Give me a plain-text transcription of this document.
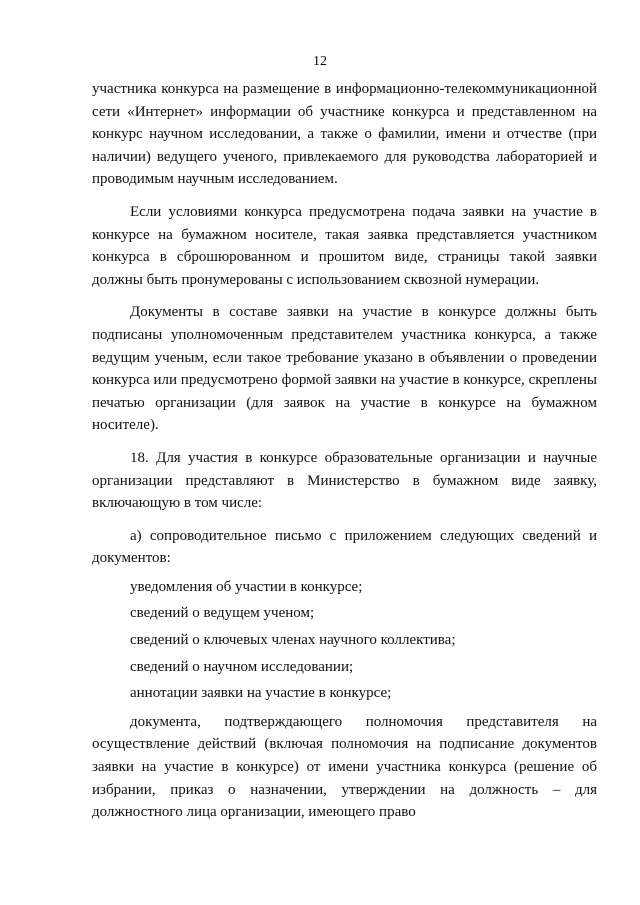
12

участника конкурса на размещение в информационно-телекоммуникационной сети «Интернет» информации об участнике конкурса и представленном на конкурс научном исследовании, а также о фамилии, имени и отчестве (при наличии) ведущего ученого, привлекаемого для руководства лабораторией и проводимым научным исследованием.

Если условиями конкурса предусмотрена подача заявки на участие в конкурсе на бумажном носителе, такая заявка представляется участником конкурса в сброшюрованном и прошитом виде, страницы такой заявки должны быть пронумерованы с использованием сквозной нумерации.

Документы в составе заявки на участие в конкурсе должны быть подписаны уполномоченным представителем участника конкурса, а также ведущим ученым, если такое требование указано в объявлении о проведении конкурса или предусмотрено формой заявки на участие в конкурсе, скреплены печатью организации (для заявок на участие в конкурсе на бумажном носителе).

18. Для участия в конкурсе образовательные организации и научные организации представляют в Министерство в бумажном виде заявку, включающую в том числе:

а) сопроводительное письмо с приложением следующих сведений и документов:

уведомления об участии в конкурсе;
сведений о ведущем ученом;
сведений о ключевых членах научного коллектива;
сведений о научном исследовании;
аннотации заявки на участие в конкурсе;

документа, подтверждающего полномочия представителя на осуществление действий (включая полномочия на подписание документов заявки на участие в конкурсе) от имени участника конкурса (решение об избрании, приказ о назначении, утверждении на должность – для должностного лица организации, имеющего право
